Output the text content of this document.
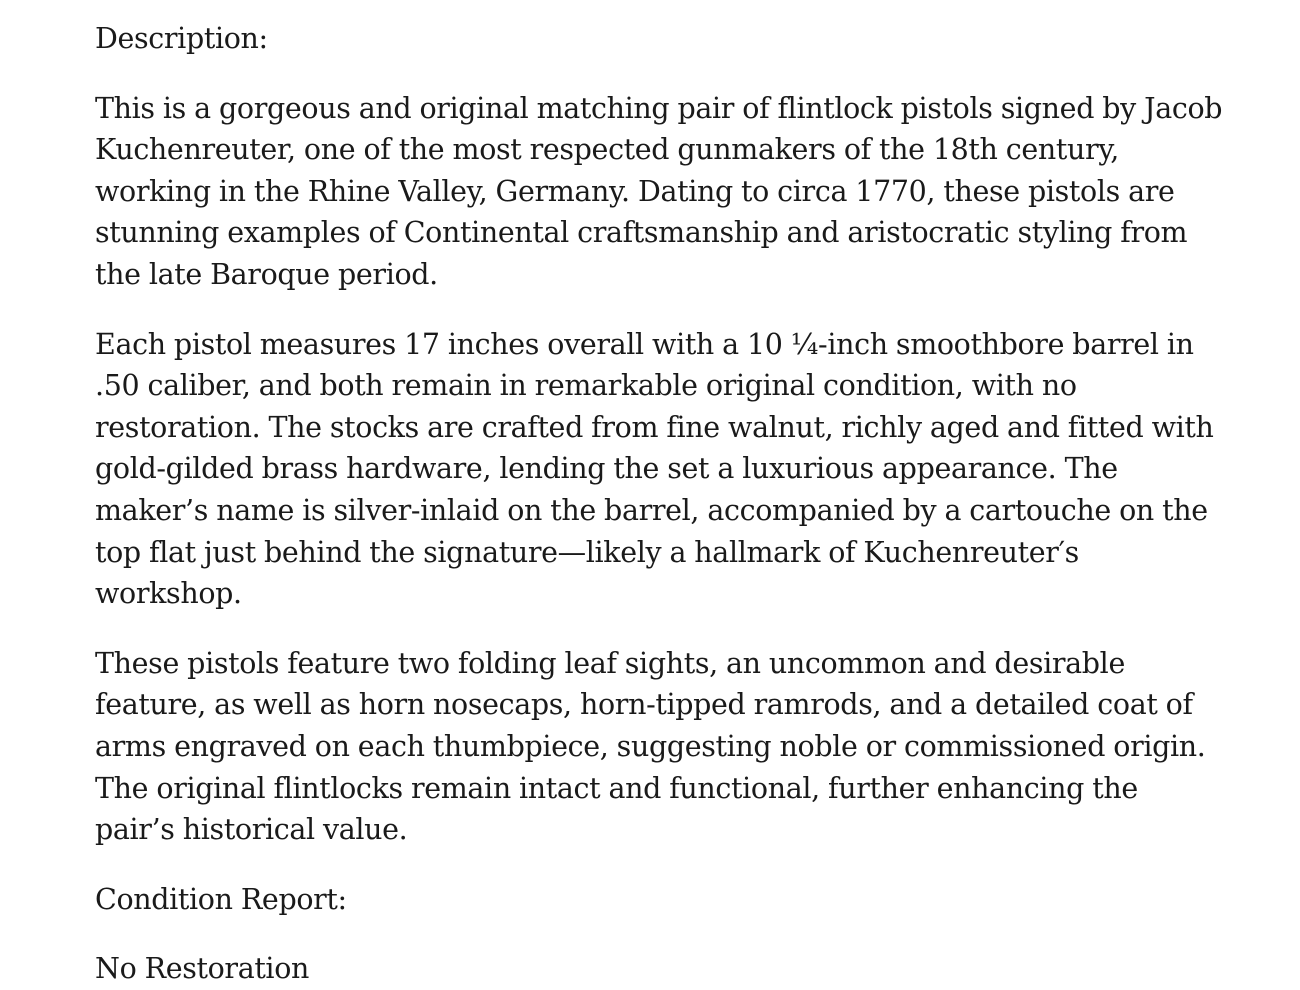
Description:

This is a gorgeous and original matching pair of flintlock pistols signed by Jacob Kuchenreuter, one of the most respected gunmakers of the 18th century, working in the Rhine Valley, Germany. Dating to circa 1770, these pistols are stunning examples of Continental craftsmanship and aristocratic styling from the late Baroque period.

Each pistol measures 17 inches overall with a 10 ¼-inch smoothbore barrel in .50 caliber, and both remain in remarkable original condition, with no restoration. The stocks are crafted from fine walnut, richly aged and fitted with gold-gilded brass hardware, lending the set a luxurious appearance. The maker’s name is silver-inlaid on the barrel, accompanied by a cartouche on the top flat just behind the signature—likely a hallmark of Kuchenreuter′s workshop.

These pistols feature two folding leaf sights, an uncommon and desirable feature, as well as horn nosecaps, horn-tipped ramrods, and a detailed coat of arms engraved on each thumbpiece, suggesting noble or commissioned origin. The original flintlocks remain intact and functional, further enhancing the pair’s historical value.

Condition Report:

No Restoration
